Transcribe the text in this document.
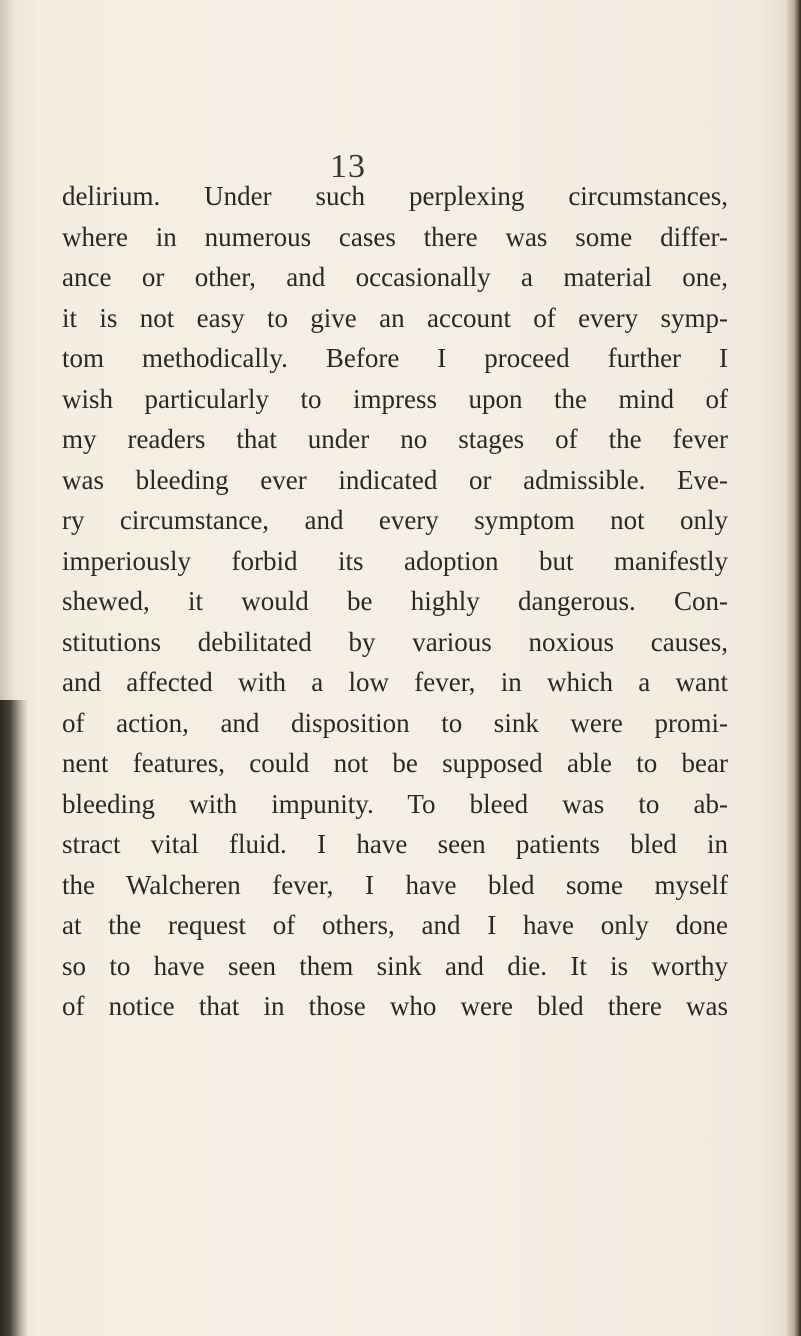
13
delirium. Under such perplexing circumstances,
where in numerous cases there was some differ-
ance or other, and occasionally a material one,
it is not easy to give an account of every symp-
tom methodically. Before I proceed further I
wish particularly to impress upon the mind of
my readers that under no stages of the fever
was bleeding ever indicated or admissible. Eve-
ry circumstance, and every symptom not only
imperiously forbid its adoption but manifestly
shewed, it would be highly dangerous. Con-
stitutions debilitated by various noxious causes,
and affected with a low fever, in which a want
of action, and disposition to sink were promi-
nent features, could not be supposed able to bear
bleeding with impunity. To bleed was to ab-
stract vital fluid. I have seen patients bled in
the Walcheren fever, I have bled some myself
at the request of others, and I have only done
so to have seen them sink and die. It is worthy
of notice that in those who were bled there was
